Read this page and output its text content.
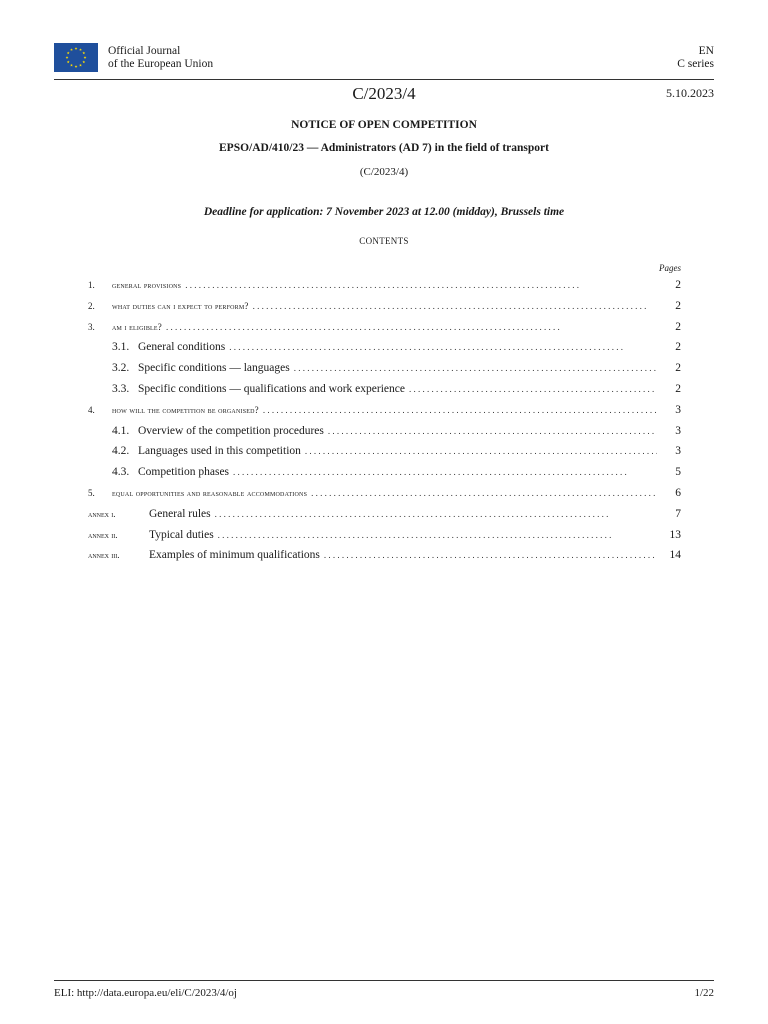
Official Journal
of the European Union
EN
C series
C/2023/4	5.10.2023
NOTICE OF OPEN COMPETITION
EPSO/AD/410/23 — Administrators (AD 7) in the field of transport
(C/2023/4)
Deadline for application: 7 November 2023 at 12.00 (midday), Brussels time
CONTENTS
Pages
1.	general provisions . . .	2
2.	what duties can i expect to perform? . . .	2
3.	am i eligible? . . .	2
3.1. General conditions . . .	2
3.2. Specific conditions — languages . . .	2
3.3. Specific conditions — qualifications and work experience . . .	2
4.	how will the competition be organised? . . .	3
4.1. Overview of the competition procedures . . .	3
4.2. Languages used in this competition . . .	3
4.3. Competition phases . . .	5
5.	equal opportunities and reasonable accommodations . . .	6
annex i.	General rules . . .	7
annex ii.	Typical duties . . .	13
annex iii.	Examples of minimum qualifications . . .	14
ELI: http://data.europa.eu/eli/C/2023/4/oj	1/22
